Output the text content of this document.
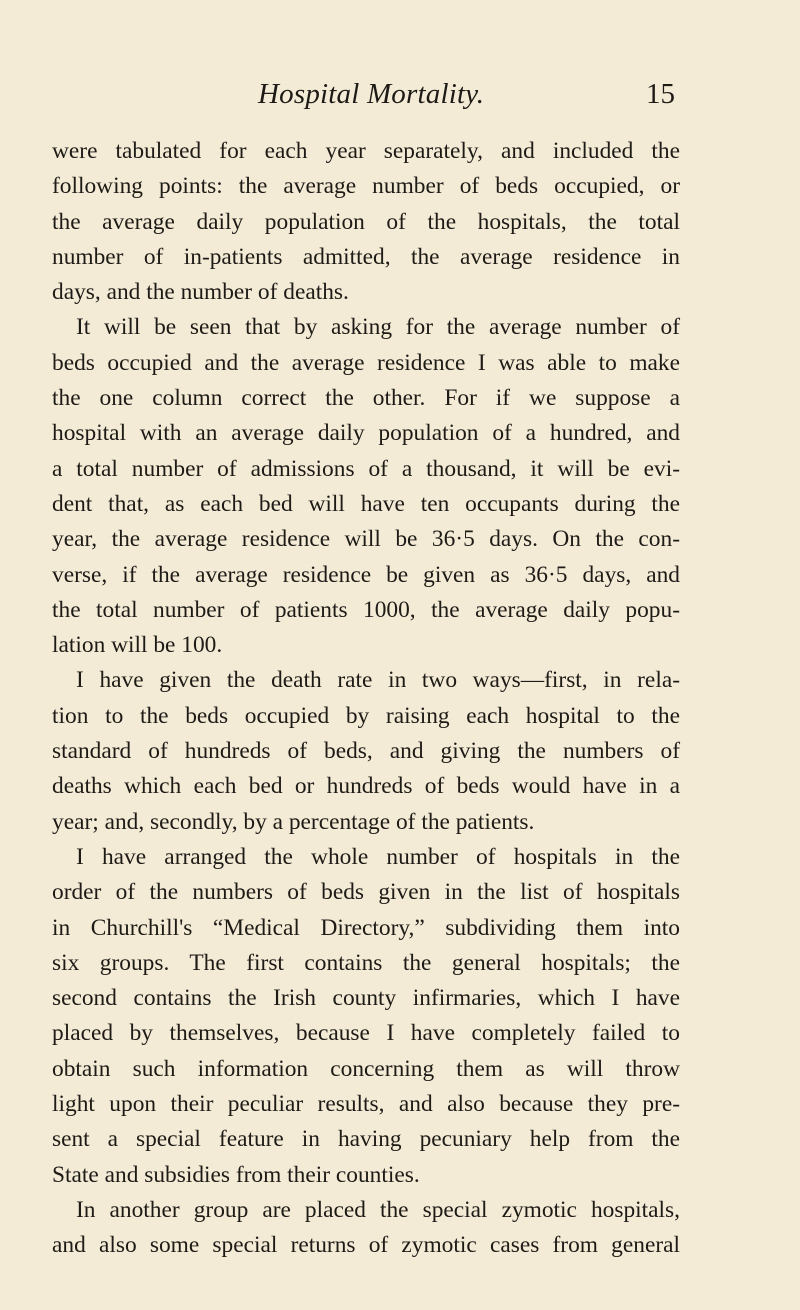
Hospital Mortality.	15
were tabulated for each year separately, and included the
following points: the average number of beds occupied, or
the average daily population of the hospitals, the total
number of in-patients admitted, the average residence in
days, and the number of deaths.
It will be seen that by asking for the average number of
beds occupied and the average residence I was able to make
the one column correct the other. For if we suppose a
hospital with an average daily population of a hundred, and
a total number of admissions of a thousand, it will be evi-
dent that, as each bed will have ten occupants during the
year, the average residence will be 36·5 days. On the con-
verse, if the average residence be given as 36·5 days, and
the total number of patients 1000, the average daily popu-
lation will be 100.
I have given the death rate in two ways—first, in rela-
tion to the beds occupied by raising each hospital to the
standard of hundreds of beds, and giving the numbers of
deaths which each bed or hundreds of beds would have in a
year; and, secondly, by a percentage of the patients.
I have arranged the whole number of hospitals in the
order of the numbers of beds given in the list of hospitals
in Churchill's “Medical Directory,” subdividing them into
six groups. The first contains the general hospitals; the
second contains the Irish county infirmaries, which I have
placed by themselves, because I have completely failed to
obtain such information concerning them as will throw
light upon their peculiar results, and also because they pre-
sent a special feature in having pecuniary help from the
State and subsidies from their counties.
In another group are placed the special zymotic hospitals,
and also some special returns of zymotic cases from general
